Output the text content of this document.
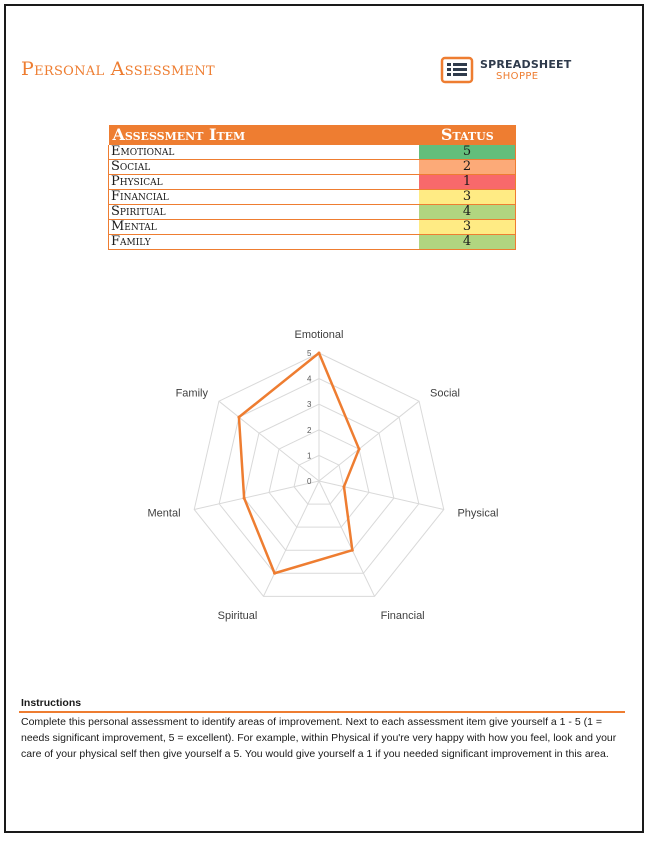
Personal Assessment	SPREADSHEET
SHOPPE
Assessment Item	Status
Emotional	5
Social	2
Physical	1
Financial	3
Spiritual	4
Mental	3
Family	4
0
1
2
3
4
5
Emotional
Social
Physical
Financial
Spiritual
Mental
Family
Instructions
Complete this personal assessment to identify areas of improvement. Next to each assessment item give yourself a 1 - 5 (1 = needs significant improvement, 5 = excellent). For example, within Physical if you're very happy with how you feel, look and your care of your physical self then give yourself a 5. You would give yourself a 1 if you needed significant improvement in this area.
